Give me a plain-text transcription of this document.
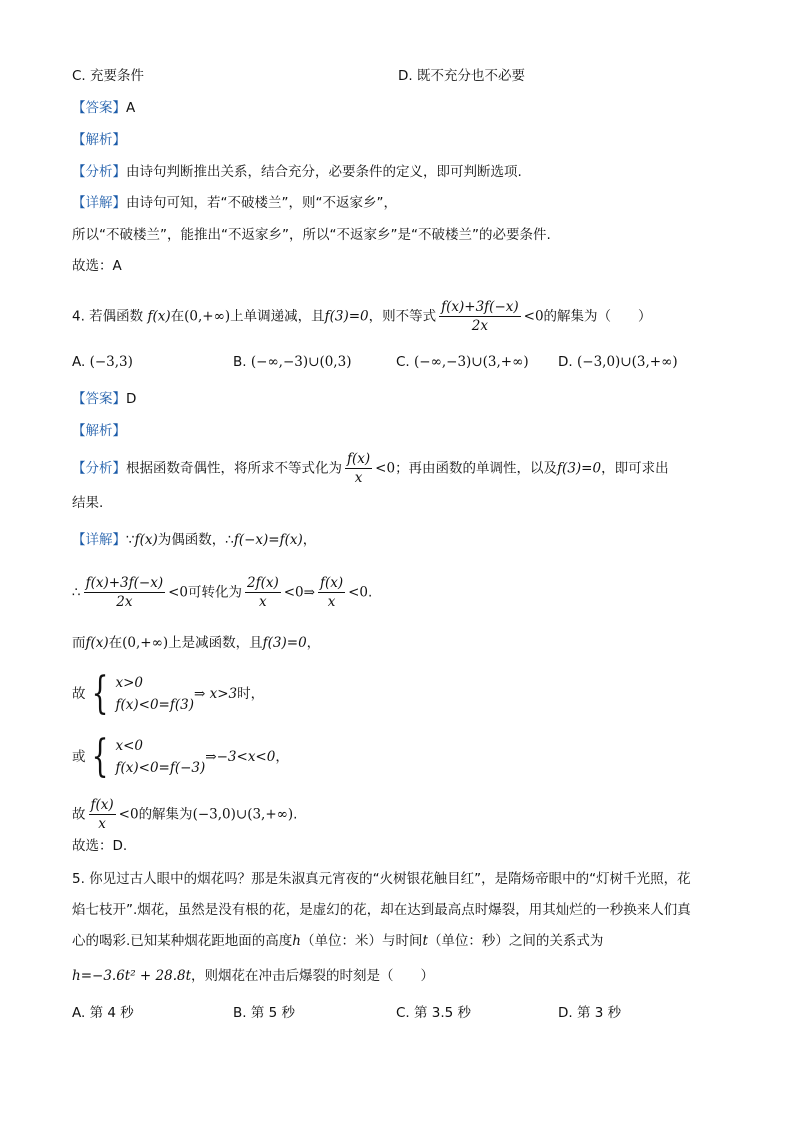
C. 充要条件	D. 既不充分也不必要
【答案】A
【解析】
【分析】由诗句判断推出关系，结合充分，必要条件的定义，即可判断选项.
【详解】由诗句可知，若“不破楼兰”，则“不返家乡”，
所以“不破楼兰”，能推出“不返家乡”，所以“不返家乡”是“不破楼兰”的必要条件.
故选：A
4. 若偶函数 f(x)在(0,+∞)上单调递减，且f(3)=0，则不等式 $\frac{f(x)+3f(-x)}{2x} <0$的解集为（　　）
A. (−3,3)	B. (−∞,−3)∪(0,3)	C. (−∞,−3)∪(3,+∞) D. (−3,0)∪(3,+∞)
【答案】D
【解析】
【分析】根据函数奇偶性，将所求不等式化为 $\frac{f(x)}{x} <0$；再由函数的单调性，以及f(3)=0，即可求出
结果.
【详解】∵f(x)为偶函数，∴f(−x)=f(x)，
∴ $\frac{f(x)+3f(-x)}{2x} <0$可转化为 $\frac{2f(x)}{x}$ <0⇒ $\frac{f(x)}{x} <0$.
而f(x)在(0,+∞)上是减函数，且f(3)=0，
故 { x>0
f(x)<0=f(3)
⇒ x>3时，
或 { x<0
f(x)<0=f(−3)
⇒−3<x<0，
故 $\frac{f(x)}{x} <0$的解集为(−3,0)∪(3,+∞).
故选：D.
5. 你见过古人眼中的烟花吗？那是朱淑真元宵夜的“火树银花触目红”，是隋炀帝眼中的“灯树千光照，花
焰七枝开”.烟花，虽然是没有根的花，是虚幻的花，却在达到最高点时爆裂，用其灿烂的一秒换来人们真
心的喝彩.已知某种烟花距地面的高度h（单位：米）与时间t（单位：秒）之间的关系式为
h=−3.6t² + 28.8t，则烟花在冲击后爆裂的时刻是（　　）
A. 第 4 秒	B. 第 5 秒	C. 第 3.5 秒	D. 第 3 秒
